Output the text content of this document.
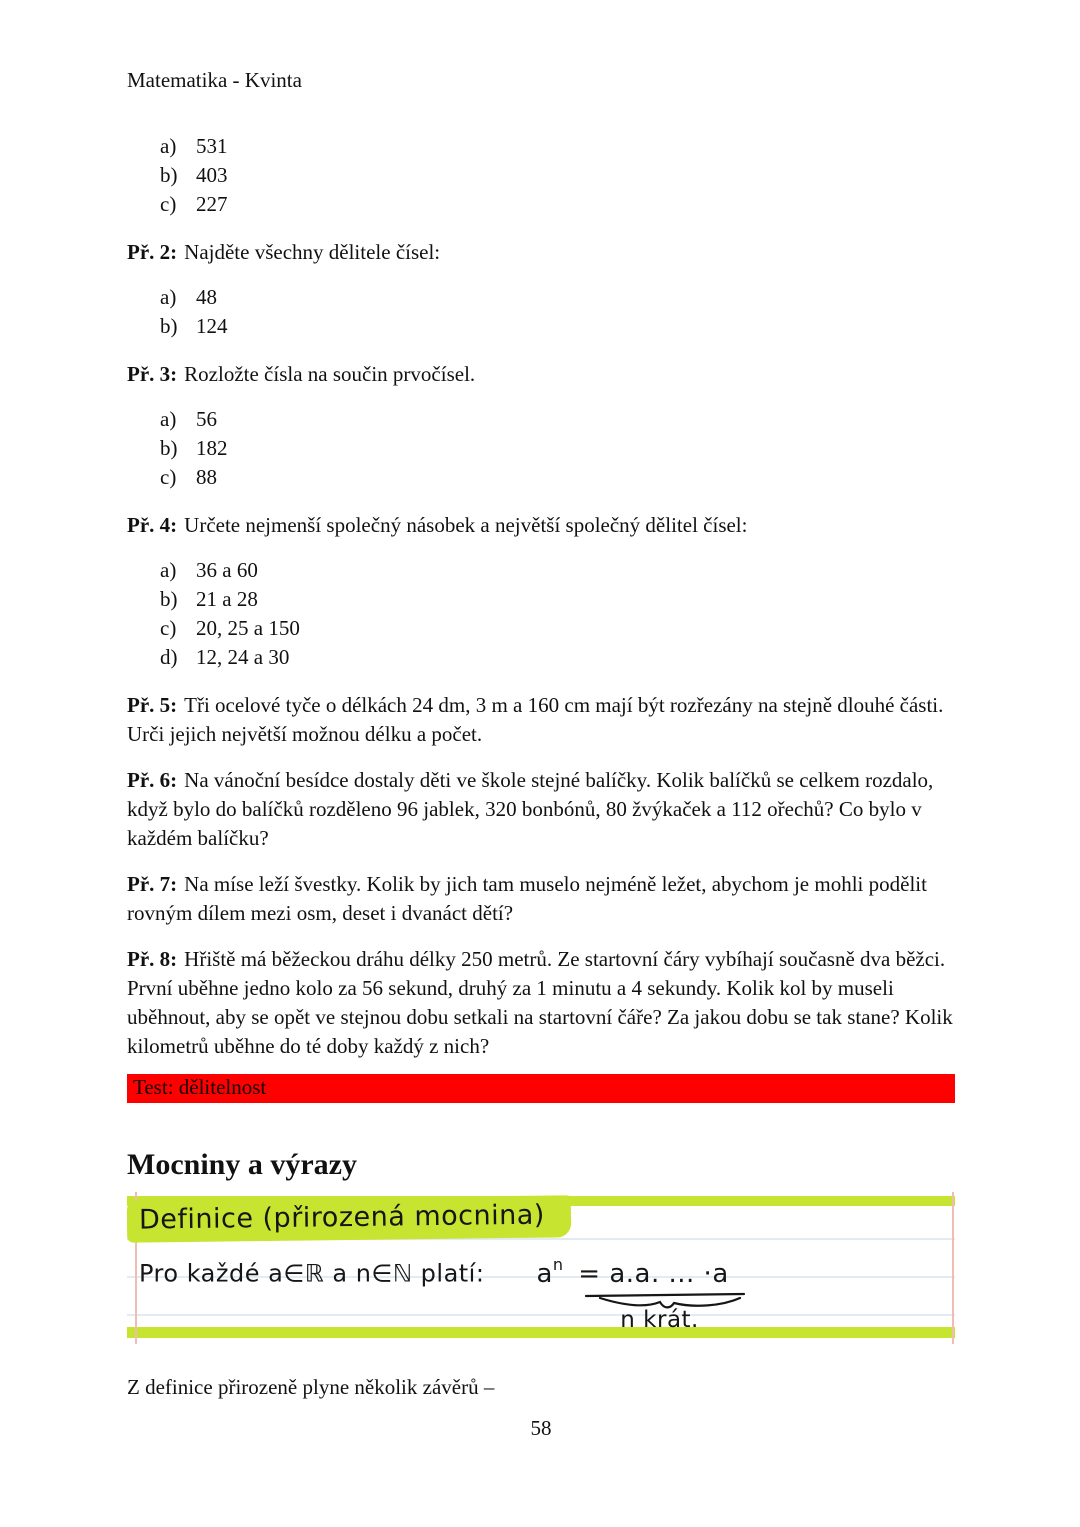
Matematika - Kvinta
a) 531
b) 403
c) 227
Př. 2: Najděte všechny dělitele čísel:
a) 48
b) 124
Př. 3: Rozložte čísla na součin prvočísel.
a) 56
b) 182
c) 88
Př. 4: Určete nejmenší společný násobek a největší společný dělitel čísel:
a) 36 a 60
b) 21 a 28
c) 20, 25 a 150
d) 12, 24 a 30
Př. 5: Tři ocelové tyče o délkách 24 dm, 3 m a 160 cm mají být rozřezány na stejně dlouhé části. Urči jejich největší možnou délku a počet.
Př. 6: Na vánoční besídce dostaly děti ve škole stejné balíčky. Kolik balíčků se celkem rozdalo, když bylo do balíčků rozděleno 96 jablek, 320 bonbónů, 80 žvýkaček a 112 ořechů? Co bylo v každém balíčku?
Př. 7: Na míse leží švestky. Kolik by jich tam muselo nejméně ležet, abychom je mohli podělit rovným dílem mezi osm, deset i dvanáct dětí?
Př. 8: Hřiště má běžeckou dráhu délky 250 metrů. Ze startovní čáry vybíhají současně dva běžci. První uběhne jedno kolo za 56 sekund, druhý za 1 minutu a 4 sekundy. Kolik kol by museli uběhnout, aby se opět ve stejnou dobu setkali na startovní čáře? Za jakou dobu se tak stane? Kolik kilometrů uběhne do té doby každý z nich?
Test: dělitelnost
Mocniny a výrazy
Definice (přirozená mocnina)
Pro každé a∈ℝ a n∈ℕ platí: $a^n = a.a$. ... ·a
n krát.
Z definice přirozeně plyne několik závěrů –
58
